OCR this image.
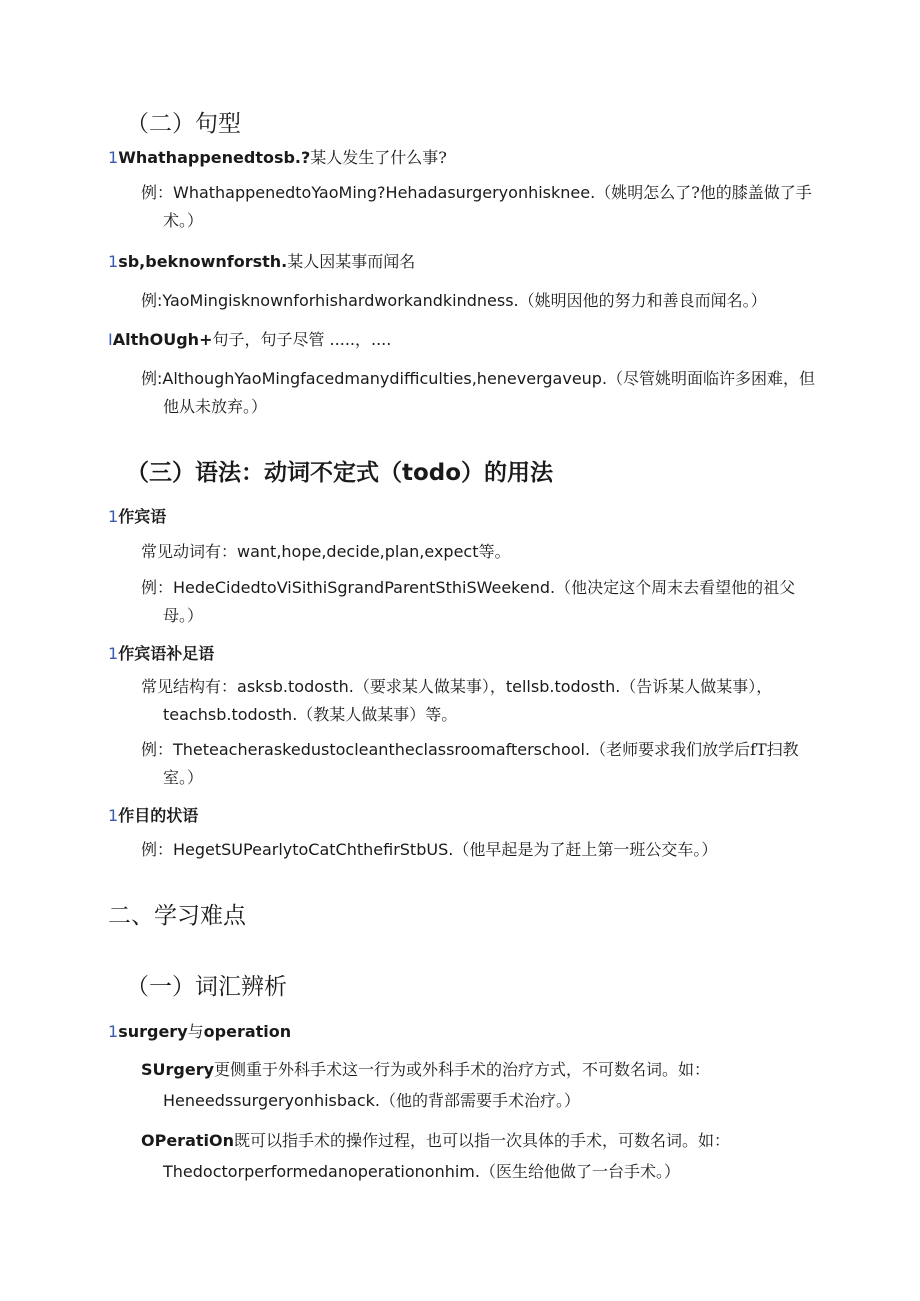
（二）句型
1Whathappenedtosb.?某人发生了什么事?
例：WhathappenedtoYaoMing?Hehadasurgeryonhisknee.（姚明怎么了?他的膝盖做了手
术。）
1sb,beknownforsth.某人因某事而闻名
例:YaoMingisknownforhishardworkandkindness.（姚明因他的努力和善良而闻名。）
IAlthOUgh+句子，句子尽管 .....，....
例:AlthoughYaoMingfacedmanydifficulties,henevergaveup.（尽管姚明面临许多困难，但
他从未放弃。）
（三）语法：动词不定式（todo）的用法
1作宾语
常见动词有：want,hope,decide,plan,expect等。
例：HedeCidedtoViSithiSgrandParentSthiSWeekend.（他决定这个周末去看望他的祖父
母。）
1作宾语补足语
常见结构有：asksb.todosth.（要求某人做某事），tellsb.todosth.（告诉某人做某事），
teachsb.todosth.（教某人做某事）等。
例：Theteacheraskedustocleantheclassroomafterschool.（老师要求我们放学后fT扫教
室。）
1作目的状语
例：HegetSUPearlytoCatChthefirStbUS.（他早起是为了赶上第一班公交车。）
二、学习难点
（一）词汇辨析
1surgery与operation
SUrgery更侧重于外科手术这一行为或外科手术的治疗方式，不可数名词。如：
Heneedssurgeryonhisback.（他的背部需要手术治疗。）
OPeratiOn既可以指手术的操作过程，也可以指一次具体的手术，可数名词。如：
Thedoctorperformedanoperationonhim.（医生给他做了一台手术。）
